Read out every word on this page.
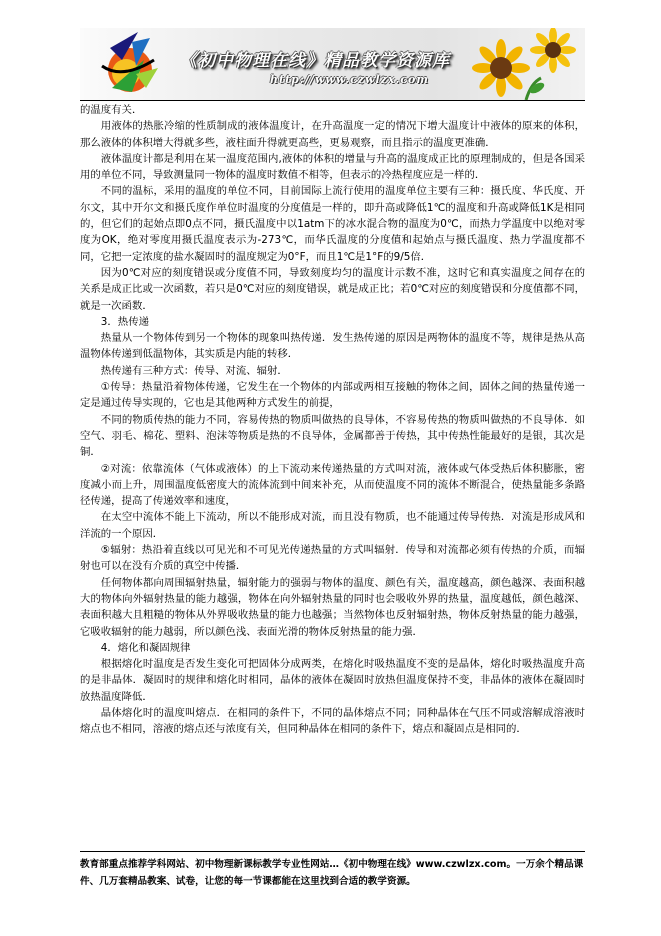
《初中物理在线》精品教学资源库
http://www.czwlzx.com

的温度有关．

用液体的热胀冷缩的性质制成的液体温度计，在升高温度一定的情况下增大温度计中液体的原来的体积，那么液体的体积增大得就多些，液柱面升得就更高些，更易观察，而且指示的温度更准确．

液体温度计都是利用在某一温度范围内,液体的体积的增量与升高的温度成正比的原理制成的，但是各国采用的单位不同，导致测量同一物体的温度时数值不相等，但表示的冷热程度应是一样的．

不同的温标，采用的温度的单位不同，目前国际上流行使用的温度单位主要有三种：摄氏度、华氏度、开尔文，其中开尔文和摄氏度作单位时温度的分度值是一样的，即升高或降低1℃的温度和升高或降低1K是相同的，但它们的起始点即0点不同，摄氏温度中以1atm下的冰水混合物的温度为0℃，而热力学温度中以绝对零度为OK，绝对零度用摄氏温度表示为-273℃，而华氏温度的分度值和起始点与摄氏温度、热力学温度都不同，它把一定浓度的盐水凝固时的温度规定为0°F，而且1℃是1°F的9/5倍．

因为0℃对应的刻度错误或分度值不同，导致刻度均匀的温度计示数不准，这时它和真实温度之间存在的关系是成正比或一次函数，若只是0℃对应的刻度错误，就是成正比；若0℃对应的刻度错误和分度值都不同，就是一次函数．

3．热传递

热量从一个物体传到另一个物体的现象叫热传递．发生热传递的原因是两物体的温度不等，规律是热从高温物体传递到低温物体，其实质是内能的转移．

热传递有三种方式：传导、对流、辐射．

①传导：热量沿着物体传递，它发生在一个物体的内部或两相互接触的物体之间，固体之间的热量传递一定是通过传导实现的，它也是其他两种方式发生的前提，

不同的物质传热的能力不同，容易传热的物质叫做热的良导体，不容易传热的物质叫做热的不良导体．如空气、羽毛、棉花、塑料、泡沫等物质是热的不良导体，金属都善于传热，其中传热性能最好的是银，其次是铜．

②对流：依靠流体（气体或液体）的上下流动来传递热量的方式叫对流，液体或气体受热后体积膨胀，密度减小而上升，周围温度低密度大的流体流到中间来补充，从而使温度不同的流体不断混合，使热量能多条路径传递，提高了传递效率和速度，

在太空中流体不能上下流动，所以不能形成对流，而且没有物质，也不能通过传导传热．对流是形成风和洋流的一个原因．

⑤辐射：热沿着直线以可见光和不可见光传递热量的方式叫辐射．传导和对流都必须有传热的介质，而辐射也可以在没有介质的真空中传播．

任何物体都向周围辐射热量，辐射能力的强弱与物体的温度、颜色有关，温度越高，颜色越深、表面积越大的物体向外辐射热量的能力越强，物体在向外辐射热量的同时也会吸收外界的热量，温度越低，颜色越深、表面积越大且粗糙的物体从外界吸收热量的能力也越强；当然物体也反射辐射热，物体反射热量的能力越强，它吸收辐射的能力越弱，所以颜色浅、表面光滑的物体反射热量的能力强．

4．熔化和凝固规律

根据熔化时温度是否发生变化可把固体分成两类，在熔化时吸热温度不变的是晶体，熔化时吸热温度升高的是非晶体．凝固时的规律和熔化时相同，晶体的液体在凝固时放热但温度保持不变，非晶体的液体在凝固时放热温度降低．

晶体熔化时的温度叫熔点．在相同的条件下，不同的晶体熔点不同；同种晶体在气压不同或溶解成溶液时熔点也不相同，溶液的熔点还与浓度有关，但同种晶体在相同的条件下，熔点和凝固点是相同的．

教育部重点推荐学科网站、初中物理新课标教学专业性网站…《初中物理在线》www.czwlzx.com。一万余个精品课件、几万套精品教案、试卷，让您的每一节课都能在这里找到合适的教学资源。
